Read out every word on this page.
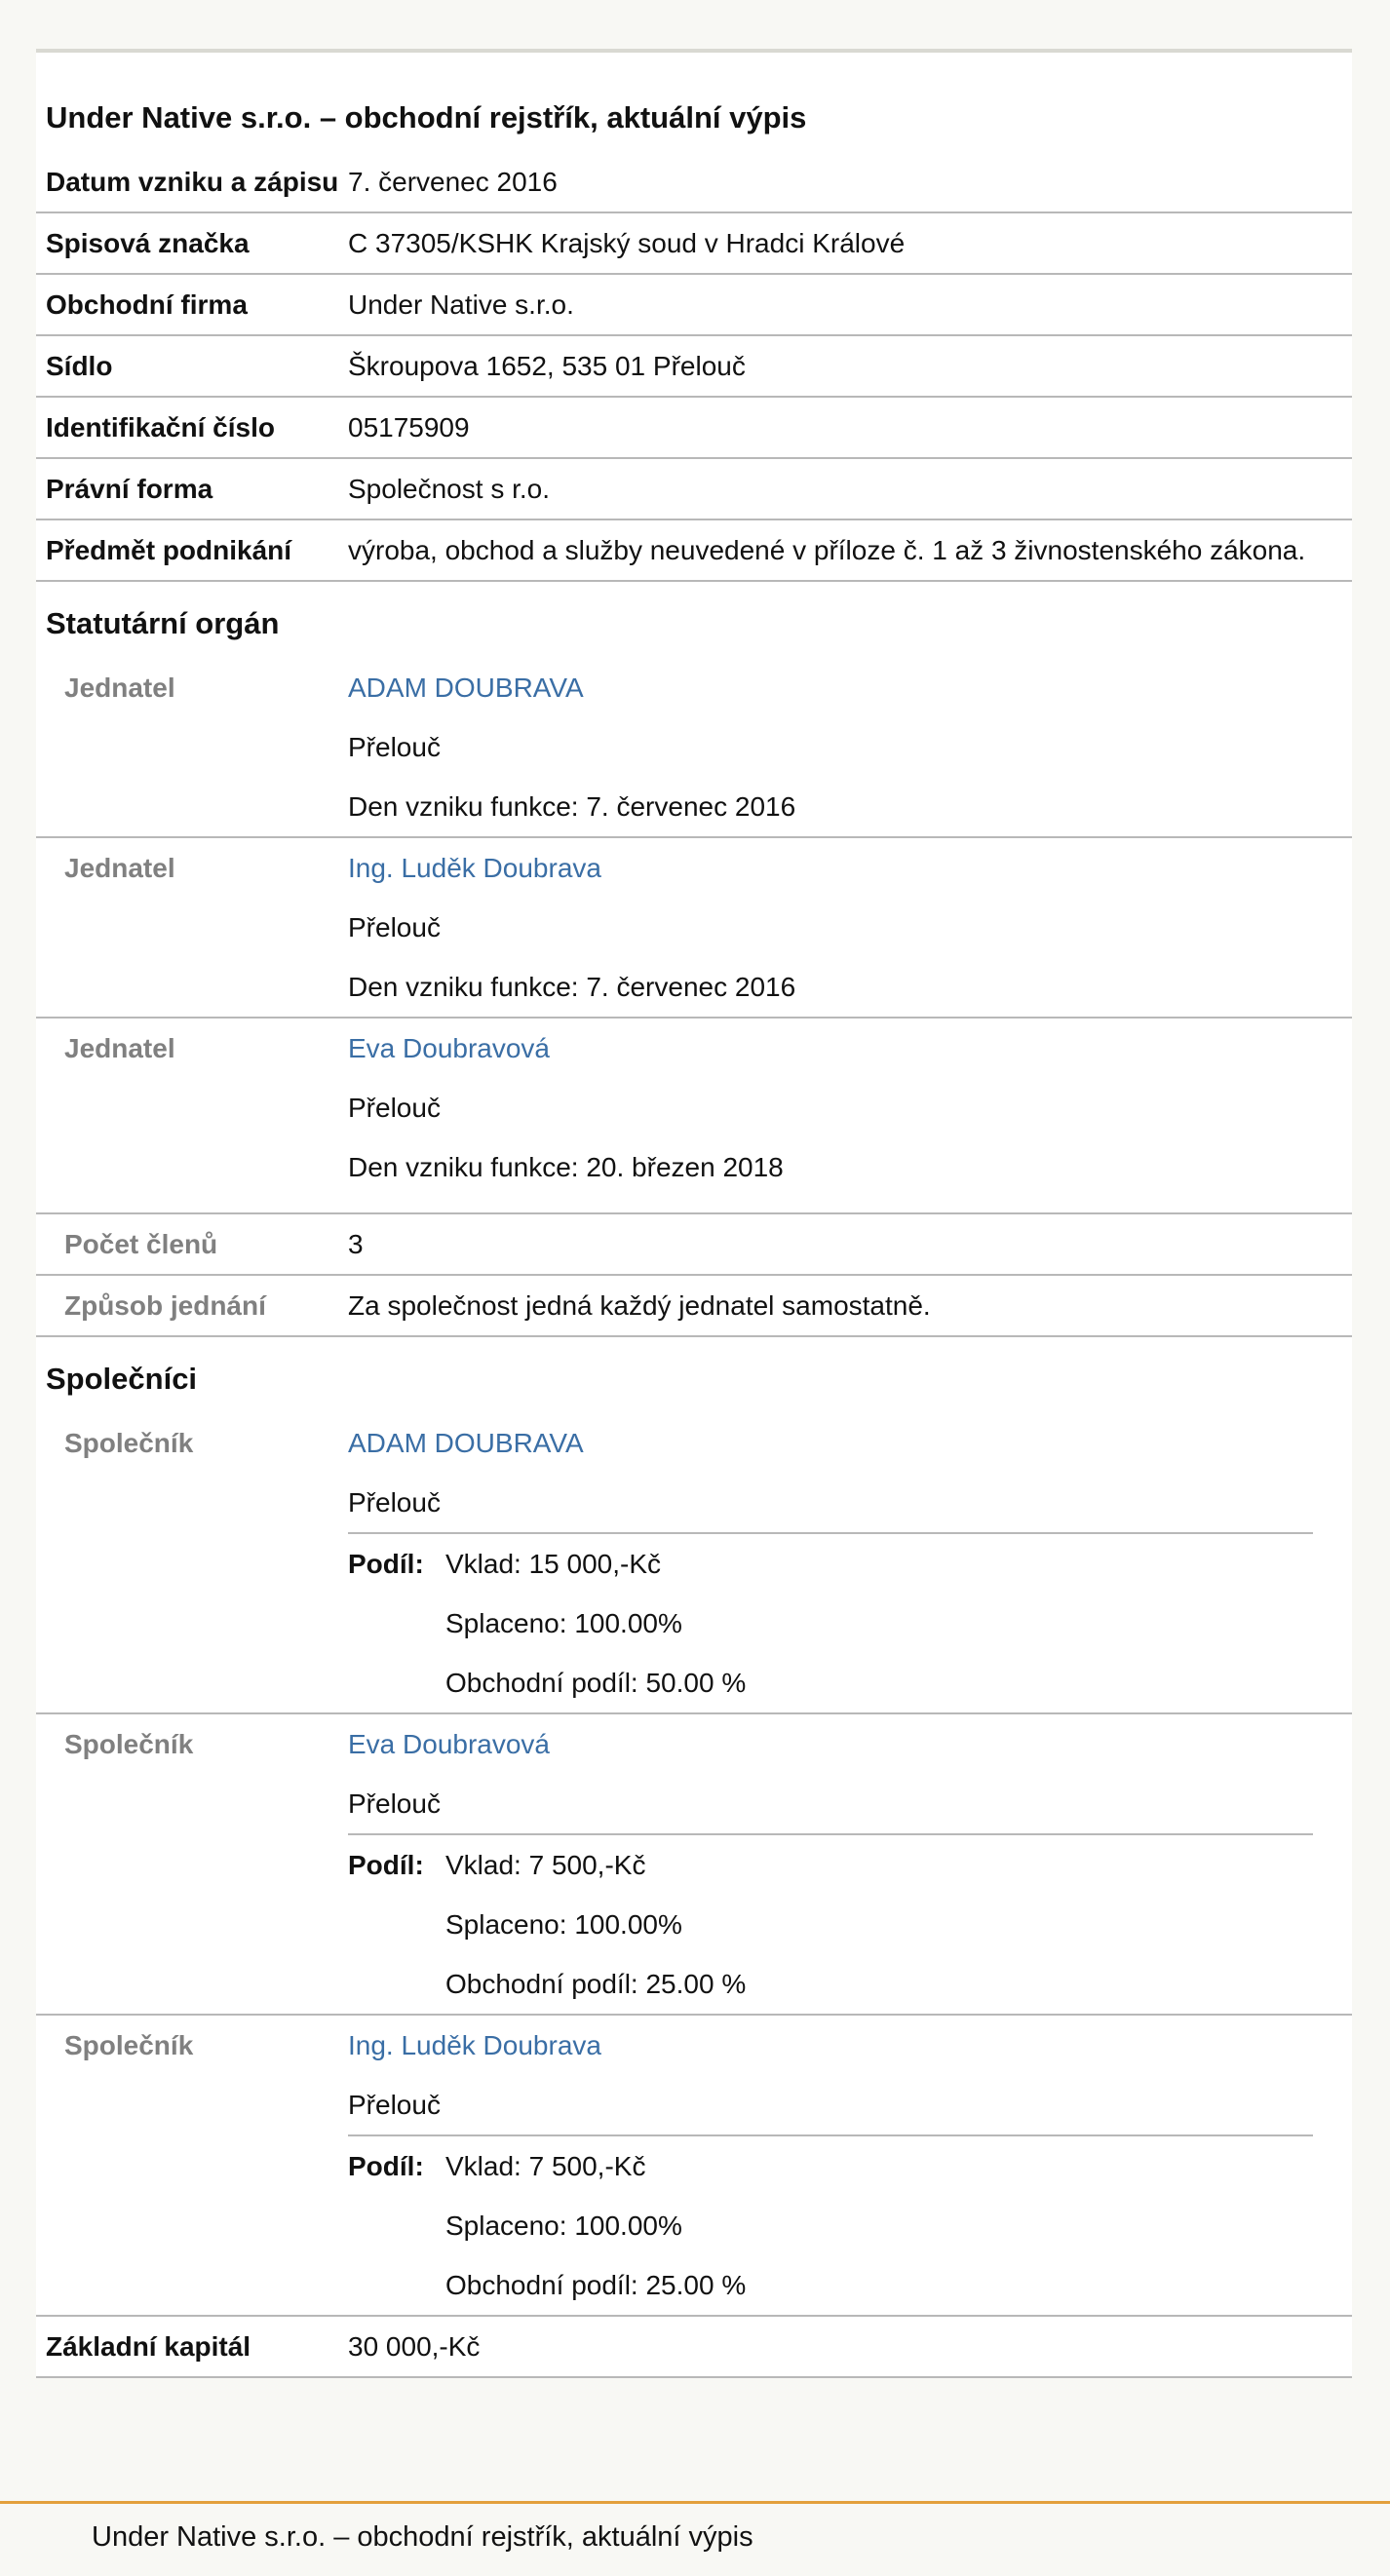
Under Native s.r.o. – obchodní rejstřík, aktuální výpis
Datum vzniku a zápisu 7. červenec 2016
Spisová značka	C 37305/KSHK Krajský soud v Hradci Králové
Obchodní firma	Under Native s.r.o.
Sídlo	Škroupova 1652, 535 01 Přelouč
Identifikační číslo	05175909
Právní forma	Společnost s r.o.
Předmět podnikání	výroba, obchod a služby neuvedené v příloze č. 1 až 3 živnostenského zákona.
Statutární orgán
Jednatel	ADAM DOUBRAVA
Přelouč
Den vzniku funkce: 7. červenec 2016
Jednatel	Ing. Luděk Doubrava
Přelouč
Den vzniku funkce: 7. červenec 2016
Jednatel	Eva Doubravová
Přelouč
Den vzniku funkce: 20. březen 2018
Počet členů	3
Způsob jednání	Za společnost jedná každý jednatel samostatně.
Společníci
Společník	ADAM DOUBRAVA
Přelouč
Podíl: Vklad: 15 000,-Kč
Splaceno: 100.00%
Obchodní podíl: 50.00 %
Společník	Eva Doubravová
Přelouč
Podíl: Vklad: 7 500,-Kč
Splaceno: 100.00%
Obchodní podíl: 25.00 %
Společník	Ing. Luděk Doubrava
Přelouč
Podíl: Vklad: 7 500,-Kč
Splaceno: 100.00%
Obchodní podíl: 25.00 %
Základní kapitál	30 000,-Kč
Under Native s.r.o. – obchodní rejstřík, aktuální výpis
